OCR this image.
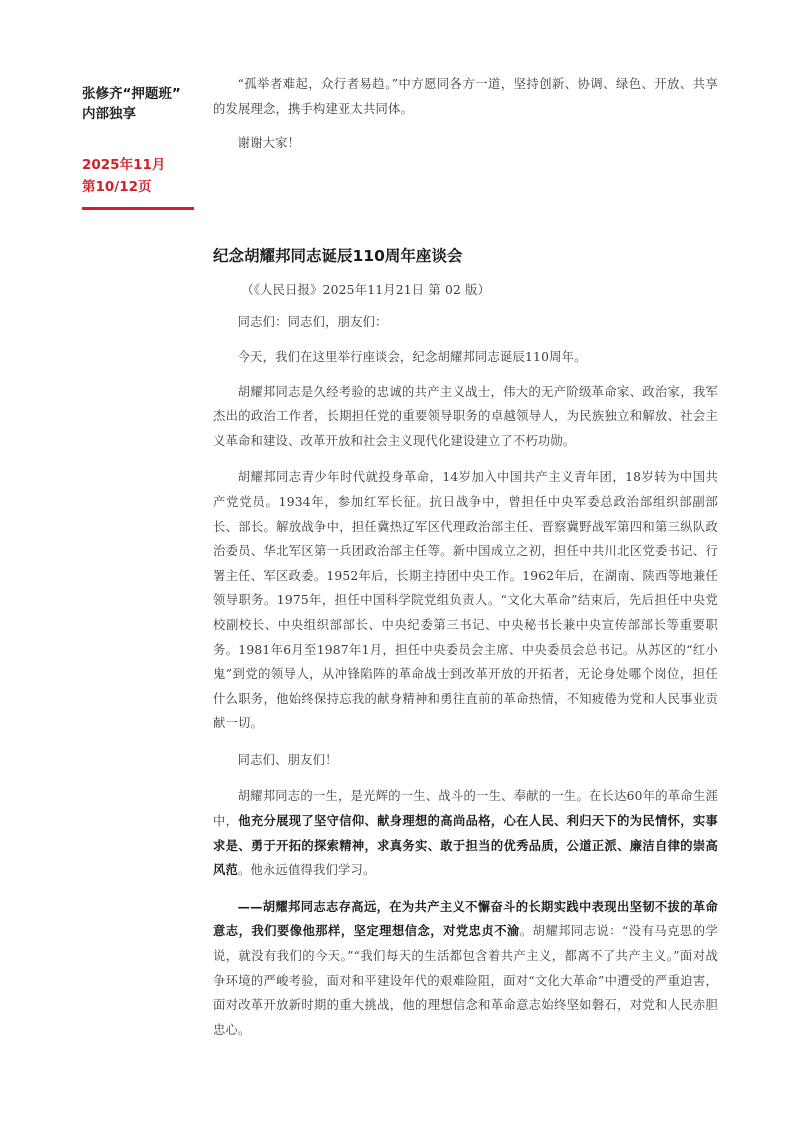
张修齐“押题班”
内部独享
2025年11月
第10/12页

“孤举者难起，众行者易趋。”中方愿同各方一道，坚持创新、协调、绿色、开放、共享的发展理念，携手构建亚太共同体。

谢谢大家！

纪念胡耀邦同志诞辰110周年座谈会

（《人民日报》2025年11月21日 第 02 版）

同志们：同志们，朋友们：

今天，我们在这里举行座谈会，纪念胡耀邦同志诞辰110周年。

胡耀邦同志是久经考验的忠诚的共产主义战士，伟大的无产阶级革命家、政治家，我军杰出的政治工作者，长期担任党的重要领导职务的卓越领导人，为民族独立和解放、社会主义革命和建设、改革开放和社会主义现代化建设建立了不朽功勋。

胡耀邦同志青少年时代就投身革命，14岁加入中国共产主义青年团，18岁转为中国共产党党员。1934年，参加红军长征。抗日战争中，曾担任中央军委总政治部组织部副部长、部长。解放战争中，担任冀热辽军区代理政治部主任、晋察冀野战军第四和第三纵队政治委员、华北军区第一兵团政治部主任等。新中国成立之初，担任中共川北区党委书记、行署主任、军区政委。1952年后，长期主持团中央工作。1962年后，在湖南、陕西等地兼任领导职务。1975年，担任中国科学院党组负责人。“文化大革命”结束后，先后担任中央党校副校长、中央组织部部长、中央纪委第三书记、中央秘书长兼中央宣传部部长等重要职务。1981年6月至1987年1月，担任中央委员会主席、中央委员会总书记。从苏区的“红小鬼”到党的领导人，从冲锋陷阵的革命战士到改革开放的开拓者，无论身处哪个岗位，担任什么职务，他始终保持忘我的献身精神和勇往直前的革命热情，不知疲倦为党和人民事业贡献一切。

同志们、朋友们！

胡耀邦同志的一生，是光辉的一生、战斗的一生、奉献的一生。在长达60年的革命生涯中，他充分展现了坚守信仰、献身理想的高尚品格，心在人民、利归天下的为民情怀，实事求是、勇于开拓的探索精神，求真务实、敢于担当的优秀品质，公道正派、廉洁自律的崇高风范。他永远值得我们学习。

——胡耀邦同志志存高远，在为共产主义不懈奋斗的长期实践中表现出坚韧不拔的革命意志，我们要像他那样，坚定理想信念，对党忠贞不渝。胡耀邦同志说：“没有马克思的学说，就没有我们的今天。”“我们每天的生活都包含着共产主义，都离不了共产主义。”面对战争环境的严峻考验，面对和平建设年代的艰难险阻，面对“文化大革命”中遭受的严重迫害，面对改革开放新时期的重大挑战，他的理想信念和革命意志始终坚如磐石，对党和人民赤胆忠心。
